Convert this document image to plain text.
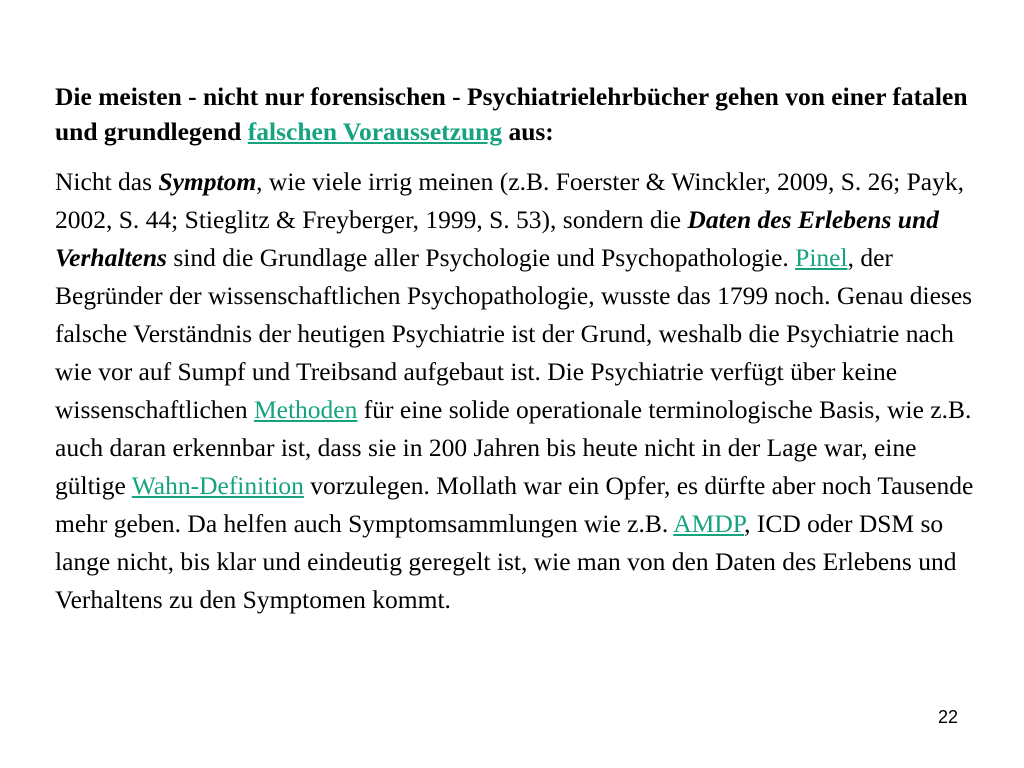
Die meisten - nicht nur forensischen - Psychiatrielehrbücher gehen von einer fatalen und grundlegend falschen Voraussetzung aus:

Nicht das Symptom, wie viele irrig meinen (z.B. Foerster & Winckler, 2009, S. 26; Payk, 2002, S. 44; Stieglitz & Freyberger, 1999, S. 53), sondern die Daten des Erlebens und Verhaltens sind die Grundlage aller Psychologie und Psychopathologie. Pinel, der Begründer der wissenschaftlichen Psychopathologie, wusste das 1799 noch. Genau dieses falsche Verständnis der heutigen Psychiatrie ist der Grund, weshalb die Psychiatrie nach wie vor auf Sumpf und Treibsand aufgebaut ist. Die Psychiatrie verfügt über keine wissenschaftlichen Methoden für eine solide operationale terminologische Basis, wie z.B. auch daran erkennbar ist, dass sie in 200 Jahren bis heute nicht in der Lage war, eine gültige Wahn-Definition vorzulegen. Mollath war ein Opfer, es dürfte aber noch Tausende mehr geben. Da helfen auch Symptomsammlungen wie z.B. AMDP, ICD oder DSM so lange nicht, bis klar und eindeutig geregelt ist, wie man von den Daten des Erlebens und Verhaltens zu den Symptomen kommt.

22
